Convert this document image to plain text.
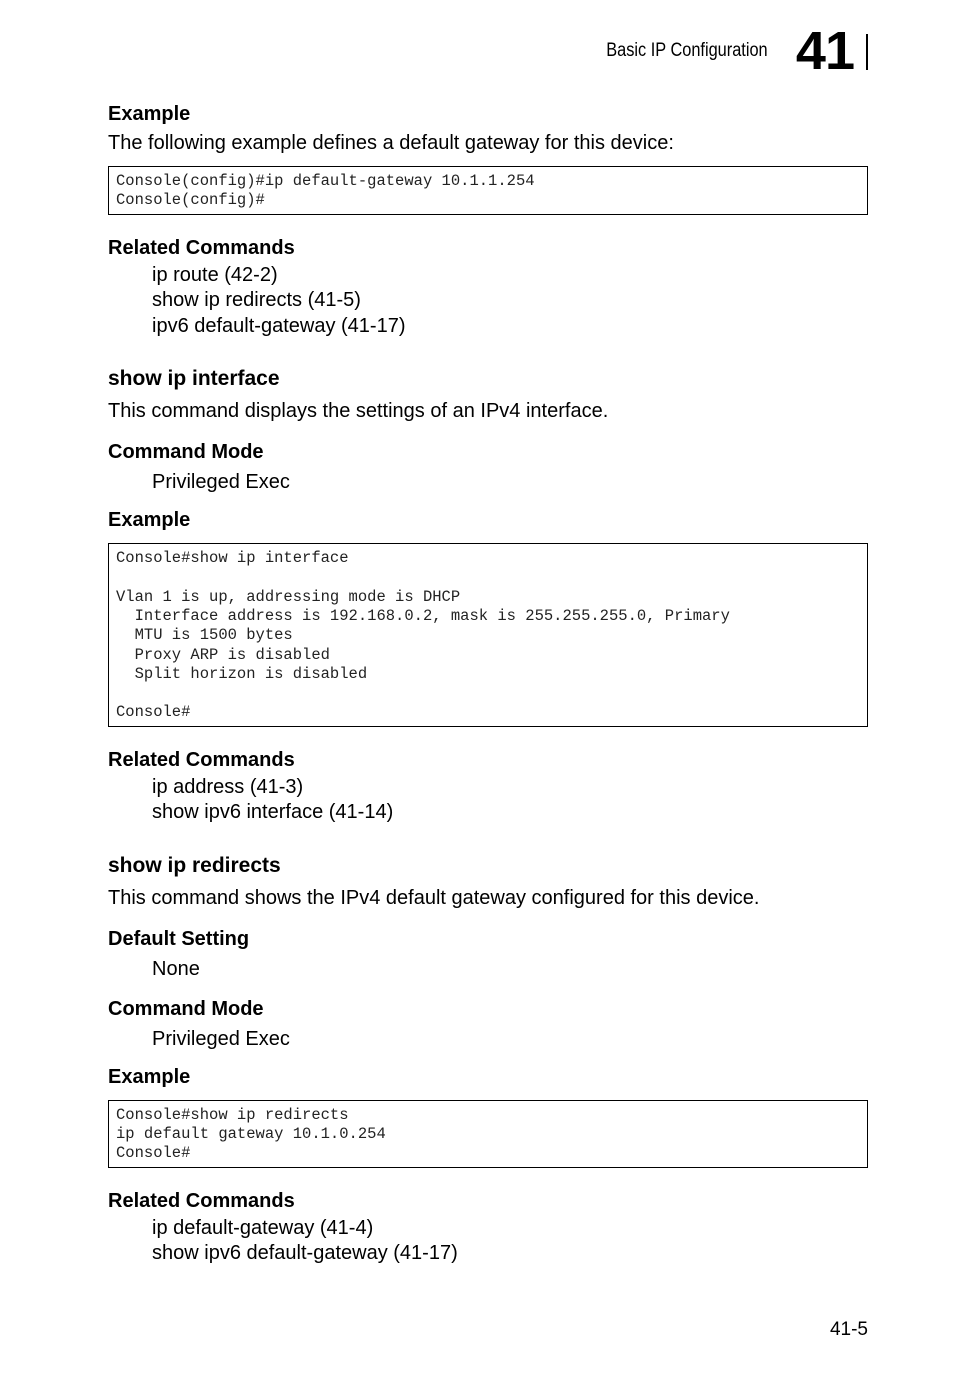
Basic IP Configuration 41
Example

The following example defines a default gateway for this device:

Console(config)#ip default-gateway 10.1.1.254
Console(config)#
Related Commands

ip route (42-2)

show ip redirects (41-5)

ipv6 default-gateway (41-17)

show ip interface

This command displays the settings of an IPv4 interface.

Command Mode

Privileged Exec

Example
Console#show ip interface

Vlan 1 is up, addressing mode is DHCP
Interface address is 192.168.0.2, mask is 255.255.255.0, Primary
MTU is 1500 bytes
Proxy ARP is disabled
Split horizon is disabled

Console#
Related Commands

ip address (41-3)

show ipv6 interface (41-14)

show ip redirects

This command shows the IPv4 default gateway configured for this device.

Default Setting

None

Command Mode

Privileged Exec

Example
Console#show ip redirects
ip default gateway 10.1.0.254
Console#
Related Commands

ip default-gateway (41-4)

show ipv6 default-gateway (41-17)

41-5
